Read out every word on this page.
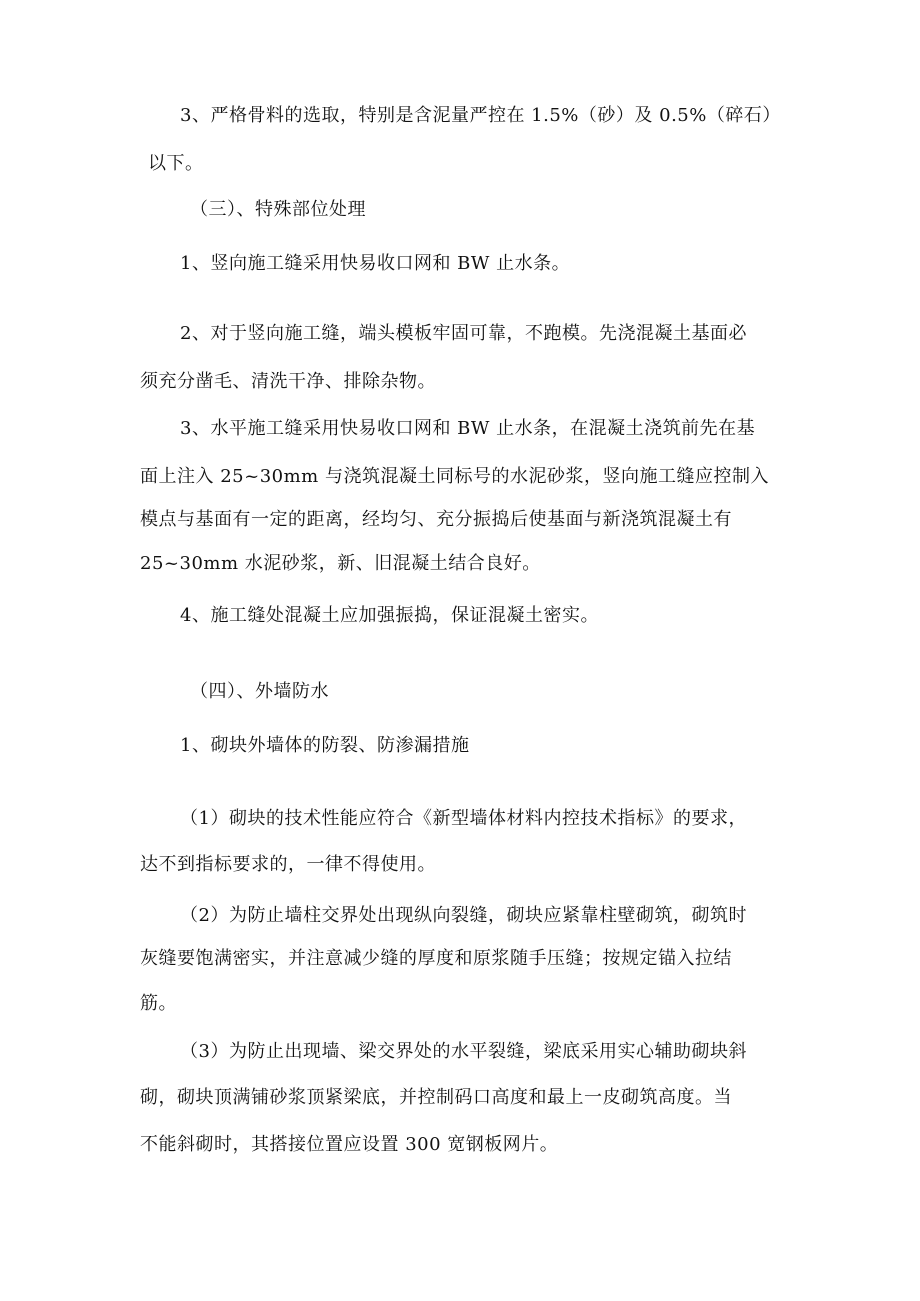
3、严格骨料的选取，特别是含泥量严控在 1.5%（砂）及 0.5%（碎石）
以下。
（三）、特殊部位处理
1、竖向施工缝采用快易收口网和 BW 止水条。
2、对于竖向施工缝，端头模板牢固可靠，不跑模。先浇混凝土基面必
须充分凿毛、清洗干净、排除杂物。
3、水平施工缝采用快易收口网和 BW 止水条，在混凝土浇筑前先在基
面上注入 25~30mm 与浇筑混凝土同标号的水泥砂浆，竖向施工缝应控制入
模点与基面有一定的距离，经均匀、充分振捣后使基面与新浇筑混凝土有
25~30mm 水泥砂浆，新、旧混凝土结合良好。
4、施工缝处混凝土应加强振捣，保证混凝土密实。
（四）、外墙防水
1、砌块外墙体的防裂、防渗漏措施
（1）砌块的技术性能应符合《新型墙体材料内控技术指标》的要求，
达不到指标要求的，一律不得使用。
（2）为防止墙柱交界处出现纵向裂缝，砌块应紧靠柱壁砌筑，砌筑时
灰缝要饱满密实，并注意减少缝的厚度和原浆随手压缝；按规定锚入拉结
筋。
（3）为防止出现墙、梁交界处的水平裂缝，梁底采用实心辅助砌块斜
砌，砌块顶满铺砂浆顶紧梁底，并控制码口高度和最上一皮砌筑高度。当
不能斜砌时，其搭接位置应设置 300 宽钢板网片。
